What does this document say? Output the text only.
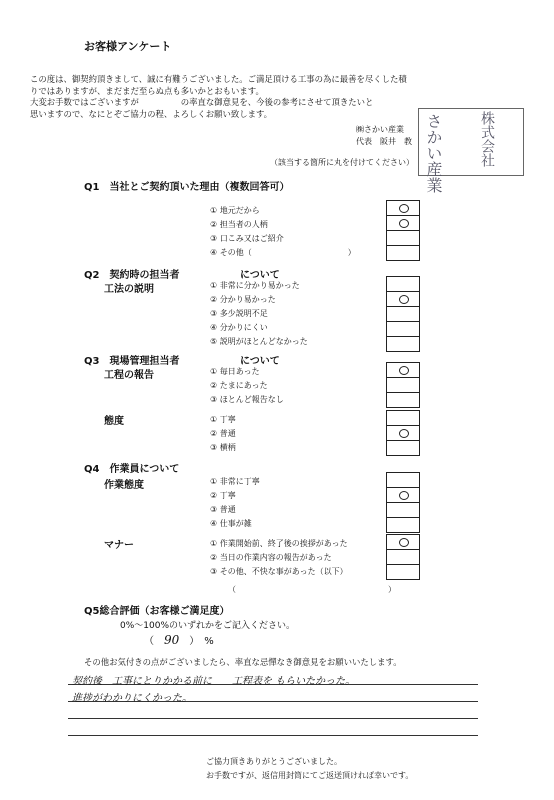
お客様アンケート
この度は、御契約頂きまして、誠に有難うございました。ご満足頂ける工事の為に最善を尽くした積
りではありますが、まだまだ至らぬ点も多いかとおもいます。
大変お手数ではございますが　　　　　の率直な御意見を、今後の参考にさせて頂きたいと
思いますので、なにとぞご協力の程、よろしくお願い致します。
㈱さかい産業
代表　阪井　教 さかい産業	株式会社
（該当する箇所に丸を付けてください）
Q1　当社とご契約頂いた理由（複数回答可）
① 地元だから
② 担当者の人柄
③ 口こみ又はご紹介
④ その他（　　　　　　　　　　　　）
Q2　契約時の担当者	について
工法の説明	① 非常に分かり易かった
② 分かり易かった
③ 多少説明不足
④ 分かりにくい
⑤ 説明がほとんどなかった
Q3　現場管理担当者	について
工程の報告	① 毎日あった
② たまにあった
③ ほとんど報告なし
態度	① 丁寧
② 普通
③ 横柄
Q4　作業員について
作業態度	① 非常に丁寧
② 丁寧
③ 普通
④ 仕事が雑
マナー	① 作業開始前、終了後の挨拶があった
② 当日の作業内容の報告があった
③ その他、不快な事があった（以下）
（　　　　　　　　　　　　　　　　　　　）
Q5総合評価（お客様ご満足度）
0%〜100%のいずれかをご記入ください。
（ 90 ）　%
その他お気付きの点がございましたら、率直な忌憚なき御意見をお願いいたします。
契約後　工事にとりかかる前に　　工程表を もらいたかった。
進捗がわかりにくかった。
ご協力頂きありがとうございました。
お手数ですが、返信用封筒にてご返送頂ければ幸いです。
